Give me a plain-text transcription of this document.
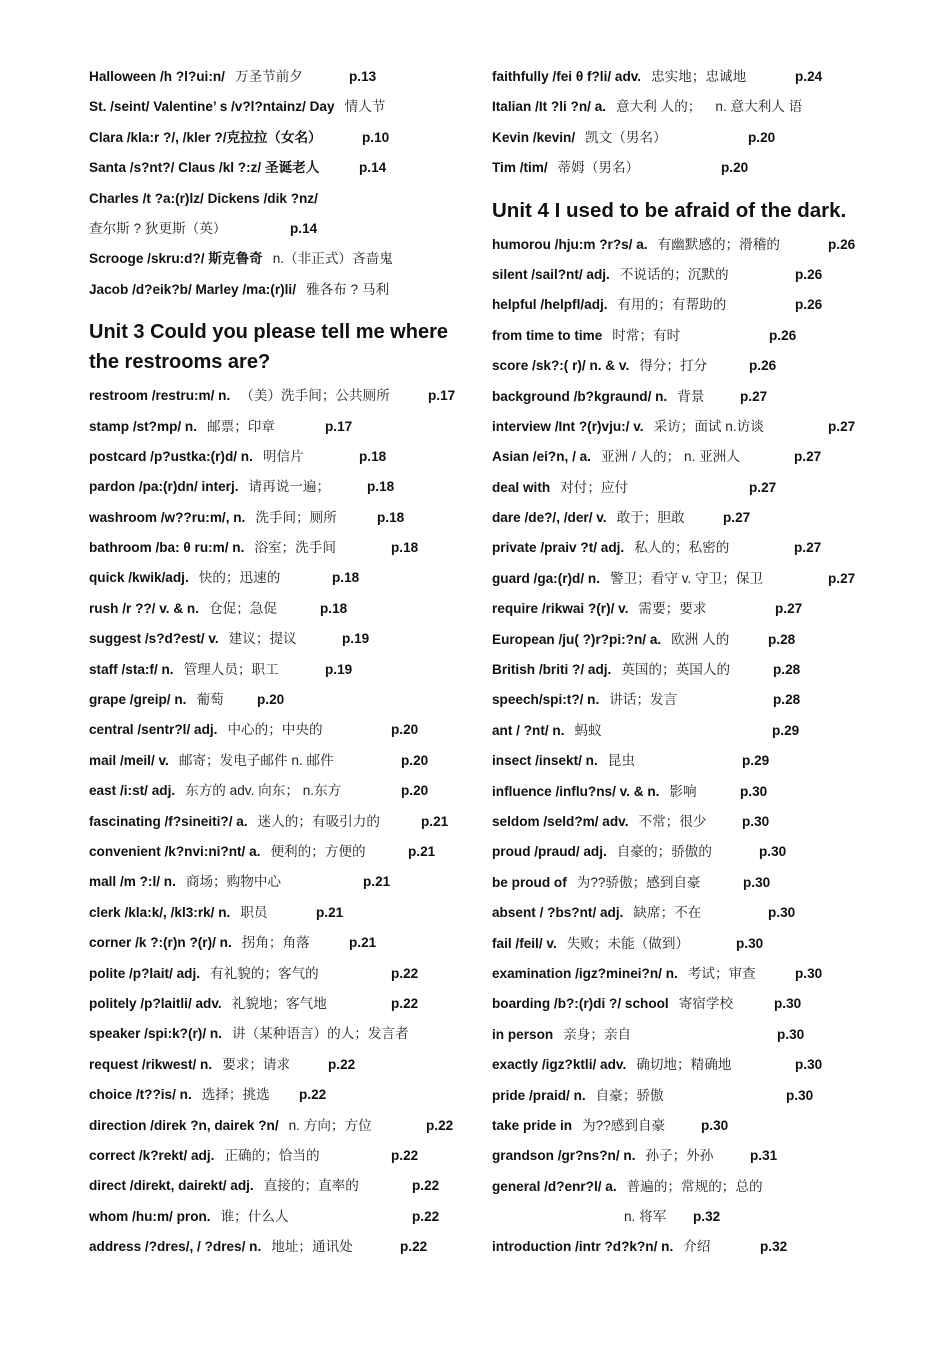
Halloween /h ?l?ui:n/ 万圣节前夕	p.13
St. /seint/ Valentine’ s /v?l?ntainz/ Day 情人节
Clara /kla:r ?/, /kler ?/克拉拉（女名）	p.10
Santa /s?nt?/ Claus /kl ?:z/ 圣诞老人	p.14
Charles /t ?a:(r)lz/ Dickens /dik ?nz/
查尔斯 ? 狄更斯（英）	p.14
Scrooge /skru:d?/ 斯克鲁奇 n.（非正式）吝啬鬼
Jacob /d?eik?b/ Marley /ma:(r)li/ 雅各布 ? 马利
Unit 3 Could you please tell me where the restrooms are?
restroom /restru:m/ n. （美）洗手间；公共厕所	p.17
stamp /st?mp/ n. 邮票；印章	p.17
postcard /p?ustka:(r)d/ n. 明信片	p.18
pardon /pa:(r)dn/ interj. 请再说一遍；	p.18
washroom /w??ru:m/, n. 洗手间；厕所	p.18
bathroom /ba: θ ru:m/ n. 浴室；洗手间	p.18
quick /kwik/adj. 快的；迅速的	p.18
rush /r ??/ v. & n. 仓促；急促	p.18
suggest /s?d?est/ v. 建议；提议	p.19
staff /sta:f/ n. 管理人员；职工	p.19
grape /greip/ n. 葡萄 p.20
central /sentr?l/ adj. 中心的；中央的	p.20
mail /meil/ v. 邮寄；发电子邮件 n. 邮件	p.20
east /i:st/ adj. 东方的 adv. 向东； n.东方	p.20
fascinating /f?sineiti?/ a. 迷人的；有吸引力的	p.21
convenient /k?nvi:ni?nt/ a. 便利的；方便的	p.21
mall /m ?:l/ n. 商场；购物中心	p.21
clerk /kla:k/, /kl3:rk/ n. 职员	p.21
corner /k ?:(r)n ?(r)/ n. 拐角；角落	p.21
polite /p?lait/ adj. 有礼貌的；客气的	p.22
politely /p?laitli/ adv. 礼貌地；客气地	p.22
speaker /spi:k?(r)/ n. 讲（某种语言）的人；发言者
request /rikwest/ n. 要求；请求	p.22
choice /t??is/ n. 选择；挑选 p.22
direction /direk ?n, dairek ?n/ n. 方向；方位	p.22
correct /k?rekt/ adj. 正确的；恰当的	p.22
direct /direkt, dairekt/ adj. 直接的；直率的	p.22
whom /hu:m/ pron. 谁；什么人	p.22
address /?dres/, / ?dres/ n. 地址；通讯处	p.22
faithfully /fei θ f?li/ adv. 忠实地；忠诚地	p.24
Italian /It ?li ?n/ a. 意大利 人的； n. 意大利人 语
Kevin /kevin/ 凯文（男名）	p.20
Tim /tim/ 蒂姆（男名）	p.20
Unit 4 I used to be afraid of the dark.
humorou /hju:m ?r?s/ a. 有幽默感的；滑稽的	p.26
silent /sail?nt/ adj. 不说话的；沉默的	p.26
helpful /helpfl/adj. 有用的；有帮助的	p.26
from time to time 时常；有时	p.26
score /sk?:( r)/ n. & v. 得分；打分	p.26
background /b?kgraund/ n. 背景	p.27
interview /Int ?(r)vju:/ v. 采访；面试 n.访谈	p.27
Asian /ei?n, / a. 亚洲 / 人的； n. 亚洲人	p.27
deal with 对付；应付	p.27
dare /de?/, /der/ v. 敢于；胆敢	p.27
private /praiv ?t/ adj. 私人的；私密的	p.27
guard /ga:(r)d/ n. 警卫；看守 v. 守卫；保卫	p.27
require /rikwai ?(r)/ v. 需要；要求	p.27
European /ju( ?)r?pi:?n/ a. 欧洲 人的	p.28
British /briti ?/ adj. 英国的；英国人的	p.28
speech/spi:t?/ n. 讲话；发言	p.28
ant / ?nt/ n. 蚂蚁	p.29
insect /insekt/ n. 昆虫	p.29
influence /influ?ns/ v. & n. 影响	p.30
seldom /seld?m/ adv. 不常；很少	p.30
proud /praud/ adj. 自豪的；骄傲的	p.30
be proud of 为??骄傲；感到自豪	p.30
absent / ?bs?nt/ adj. 缺席；不在	p.30
fail /feil/ v. 失败；未能（做到）	p.30
examination /igz?minei?n/ n. 考试；审查	p.30
boarding /b?:(r)di ?/ school 寄宿学校	p.30
in person 亲身；亲自	p.30
exactly /igz?ktli/ adv. 确切地；精确地	p.30
pride /praid/ n. 自豪；骄傲	p.30
take pride in 为??感到自豪	p.30
grandson /gr?ns?n/ n. 孙子；外孙	p.31
general /d?enr?l/ a. 普遍的；常规的；总的
n. 将军 p.32
introduction /intr ?d?k?n/ n. 介绍	p.32
